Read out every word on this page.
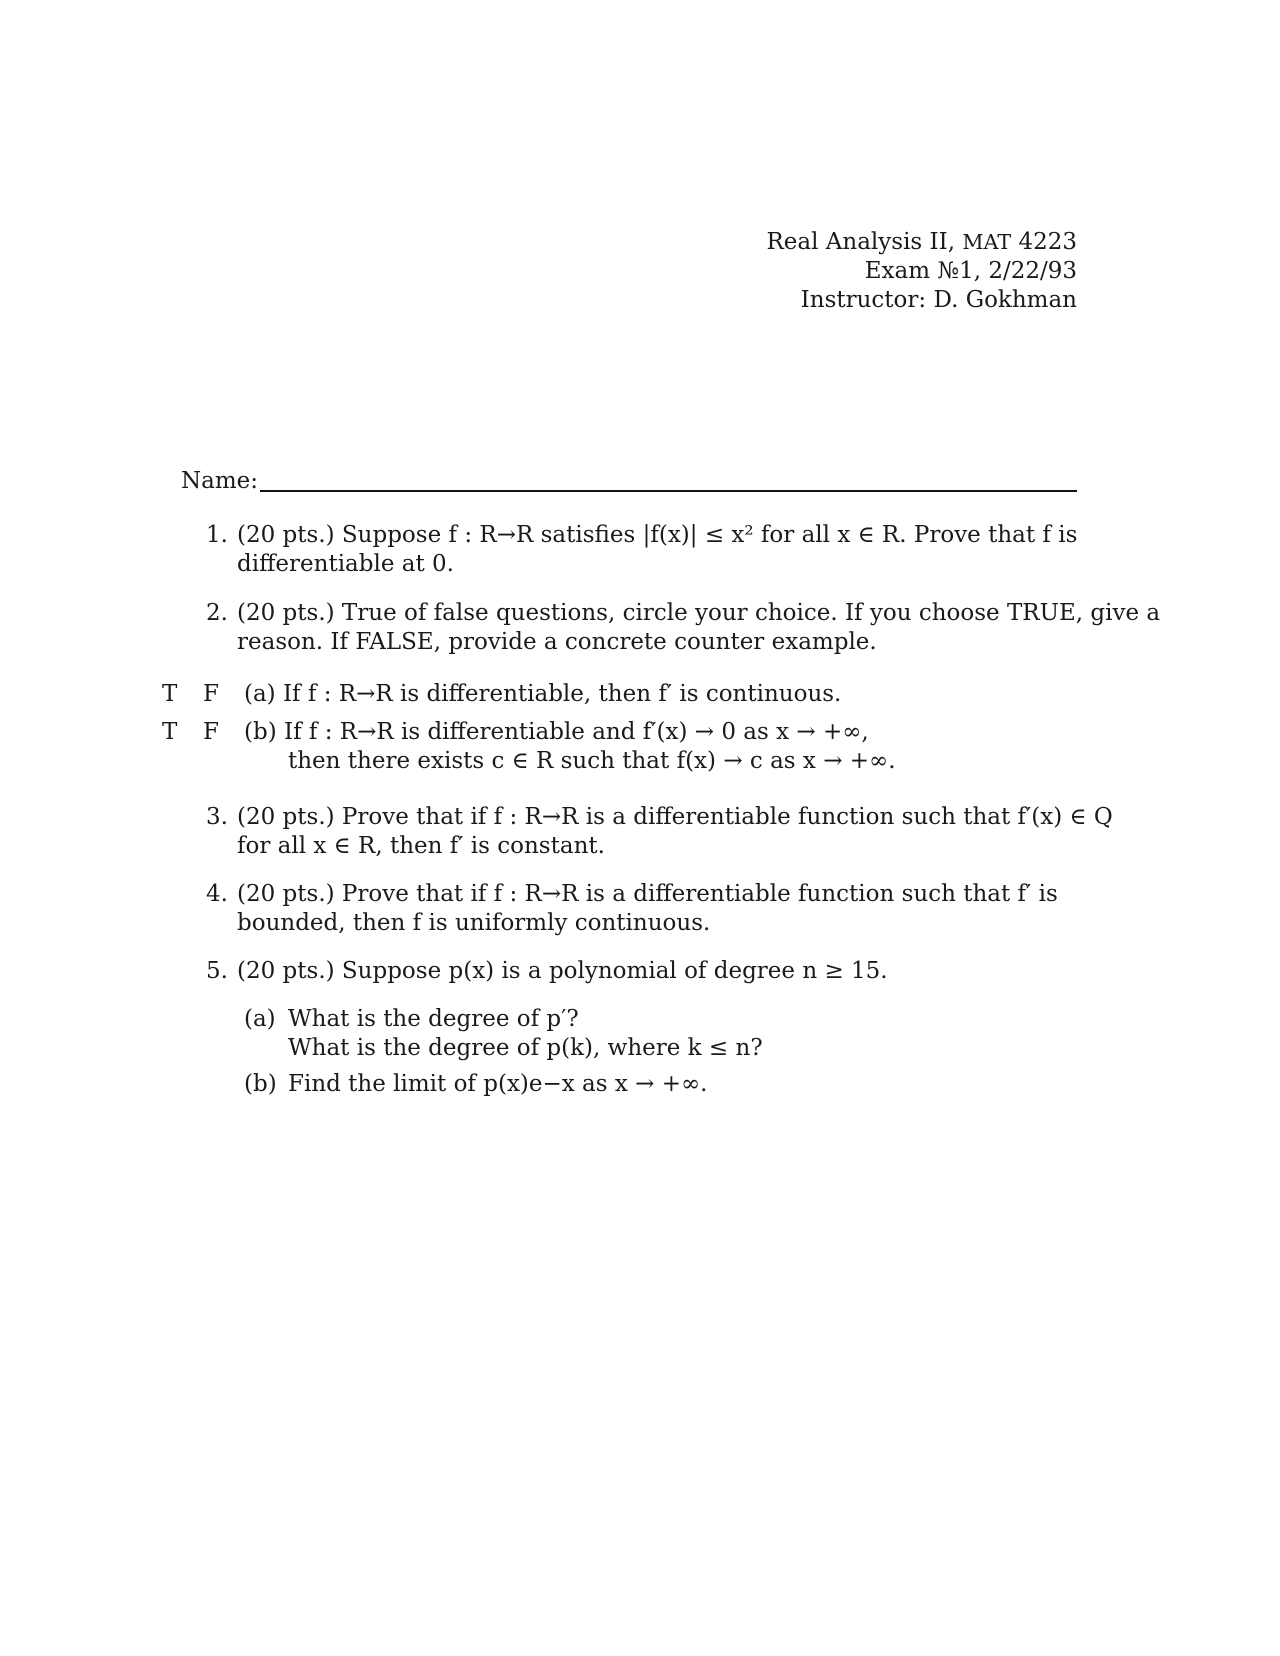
Real Analysis II, MAT 4223
Exam №1, 2/22/93
Instructor: D. Gokhman
Name:
1. (20 pts.) Suppose f : R→R satisfies |f(x)| ≤ x² for all x ∈ R. Prove that f is
differentiable at 0.
2. (20 pts.) True of false questions, circle your choice. If you choose TRUE, give a
reason. If FALSE, provide a concrete counter example.
T F (a) If f : R→R is differentiable, then f′ is continuous.
T F (b) If f : R→R is differentiable and f′(x) → 0 as x → +∞,
then there exists c ∈ R such that f(x) → c as x → +∞.
3. (20 pts.) Prove that if f : R→R is a differentiable function such that f′(x) ∈ Q
for all x ∈ R, then f′ is constant.
4. (20 pts.) Prove that if f : R→R is a differentiable function such that f′ is
bounded, then f is uniformly continuous.
5. (20 pts.) Suppose p(x) is a polynomial of degree n ≥ 15.
(a) What is the degree of p′?
What is the degree of p(k), where k ≤ n?
(b) Find the limit of p(x)e−x as x → +∞.
